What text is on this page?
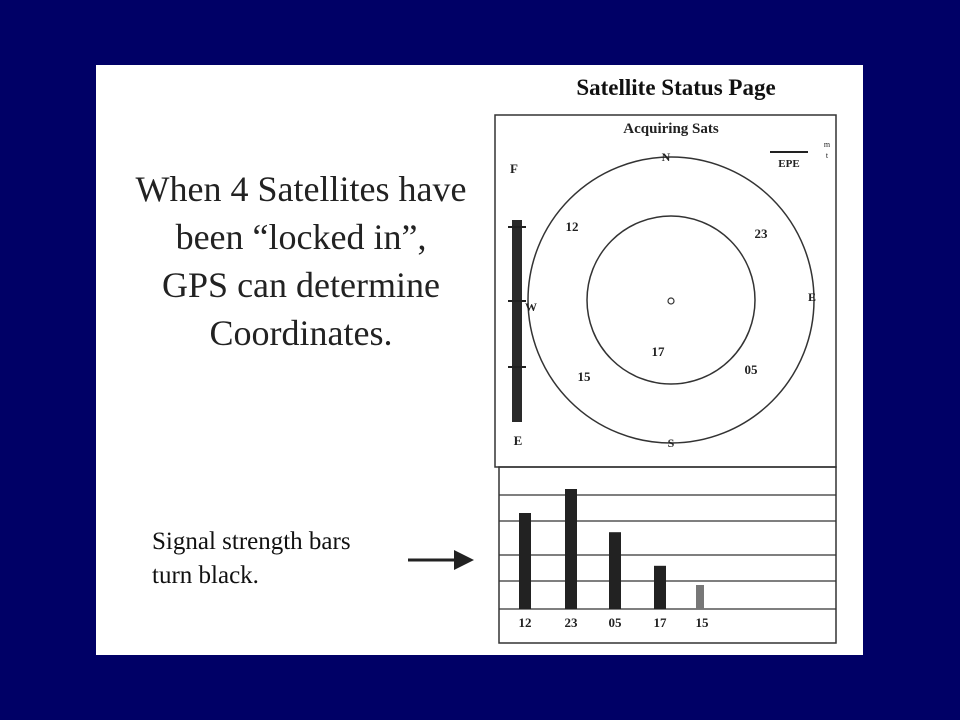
When 4 Satellites have
been “locked in”,
GPS can determine
Coordinates.
Signal strength bars
turn black.
Satellite Status Page
Acquiring Sats
EPE
m
t
F
E
N
S
E
W
12	23
17
15	05
12	23 05 17 15
